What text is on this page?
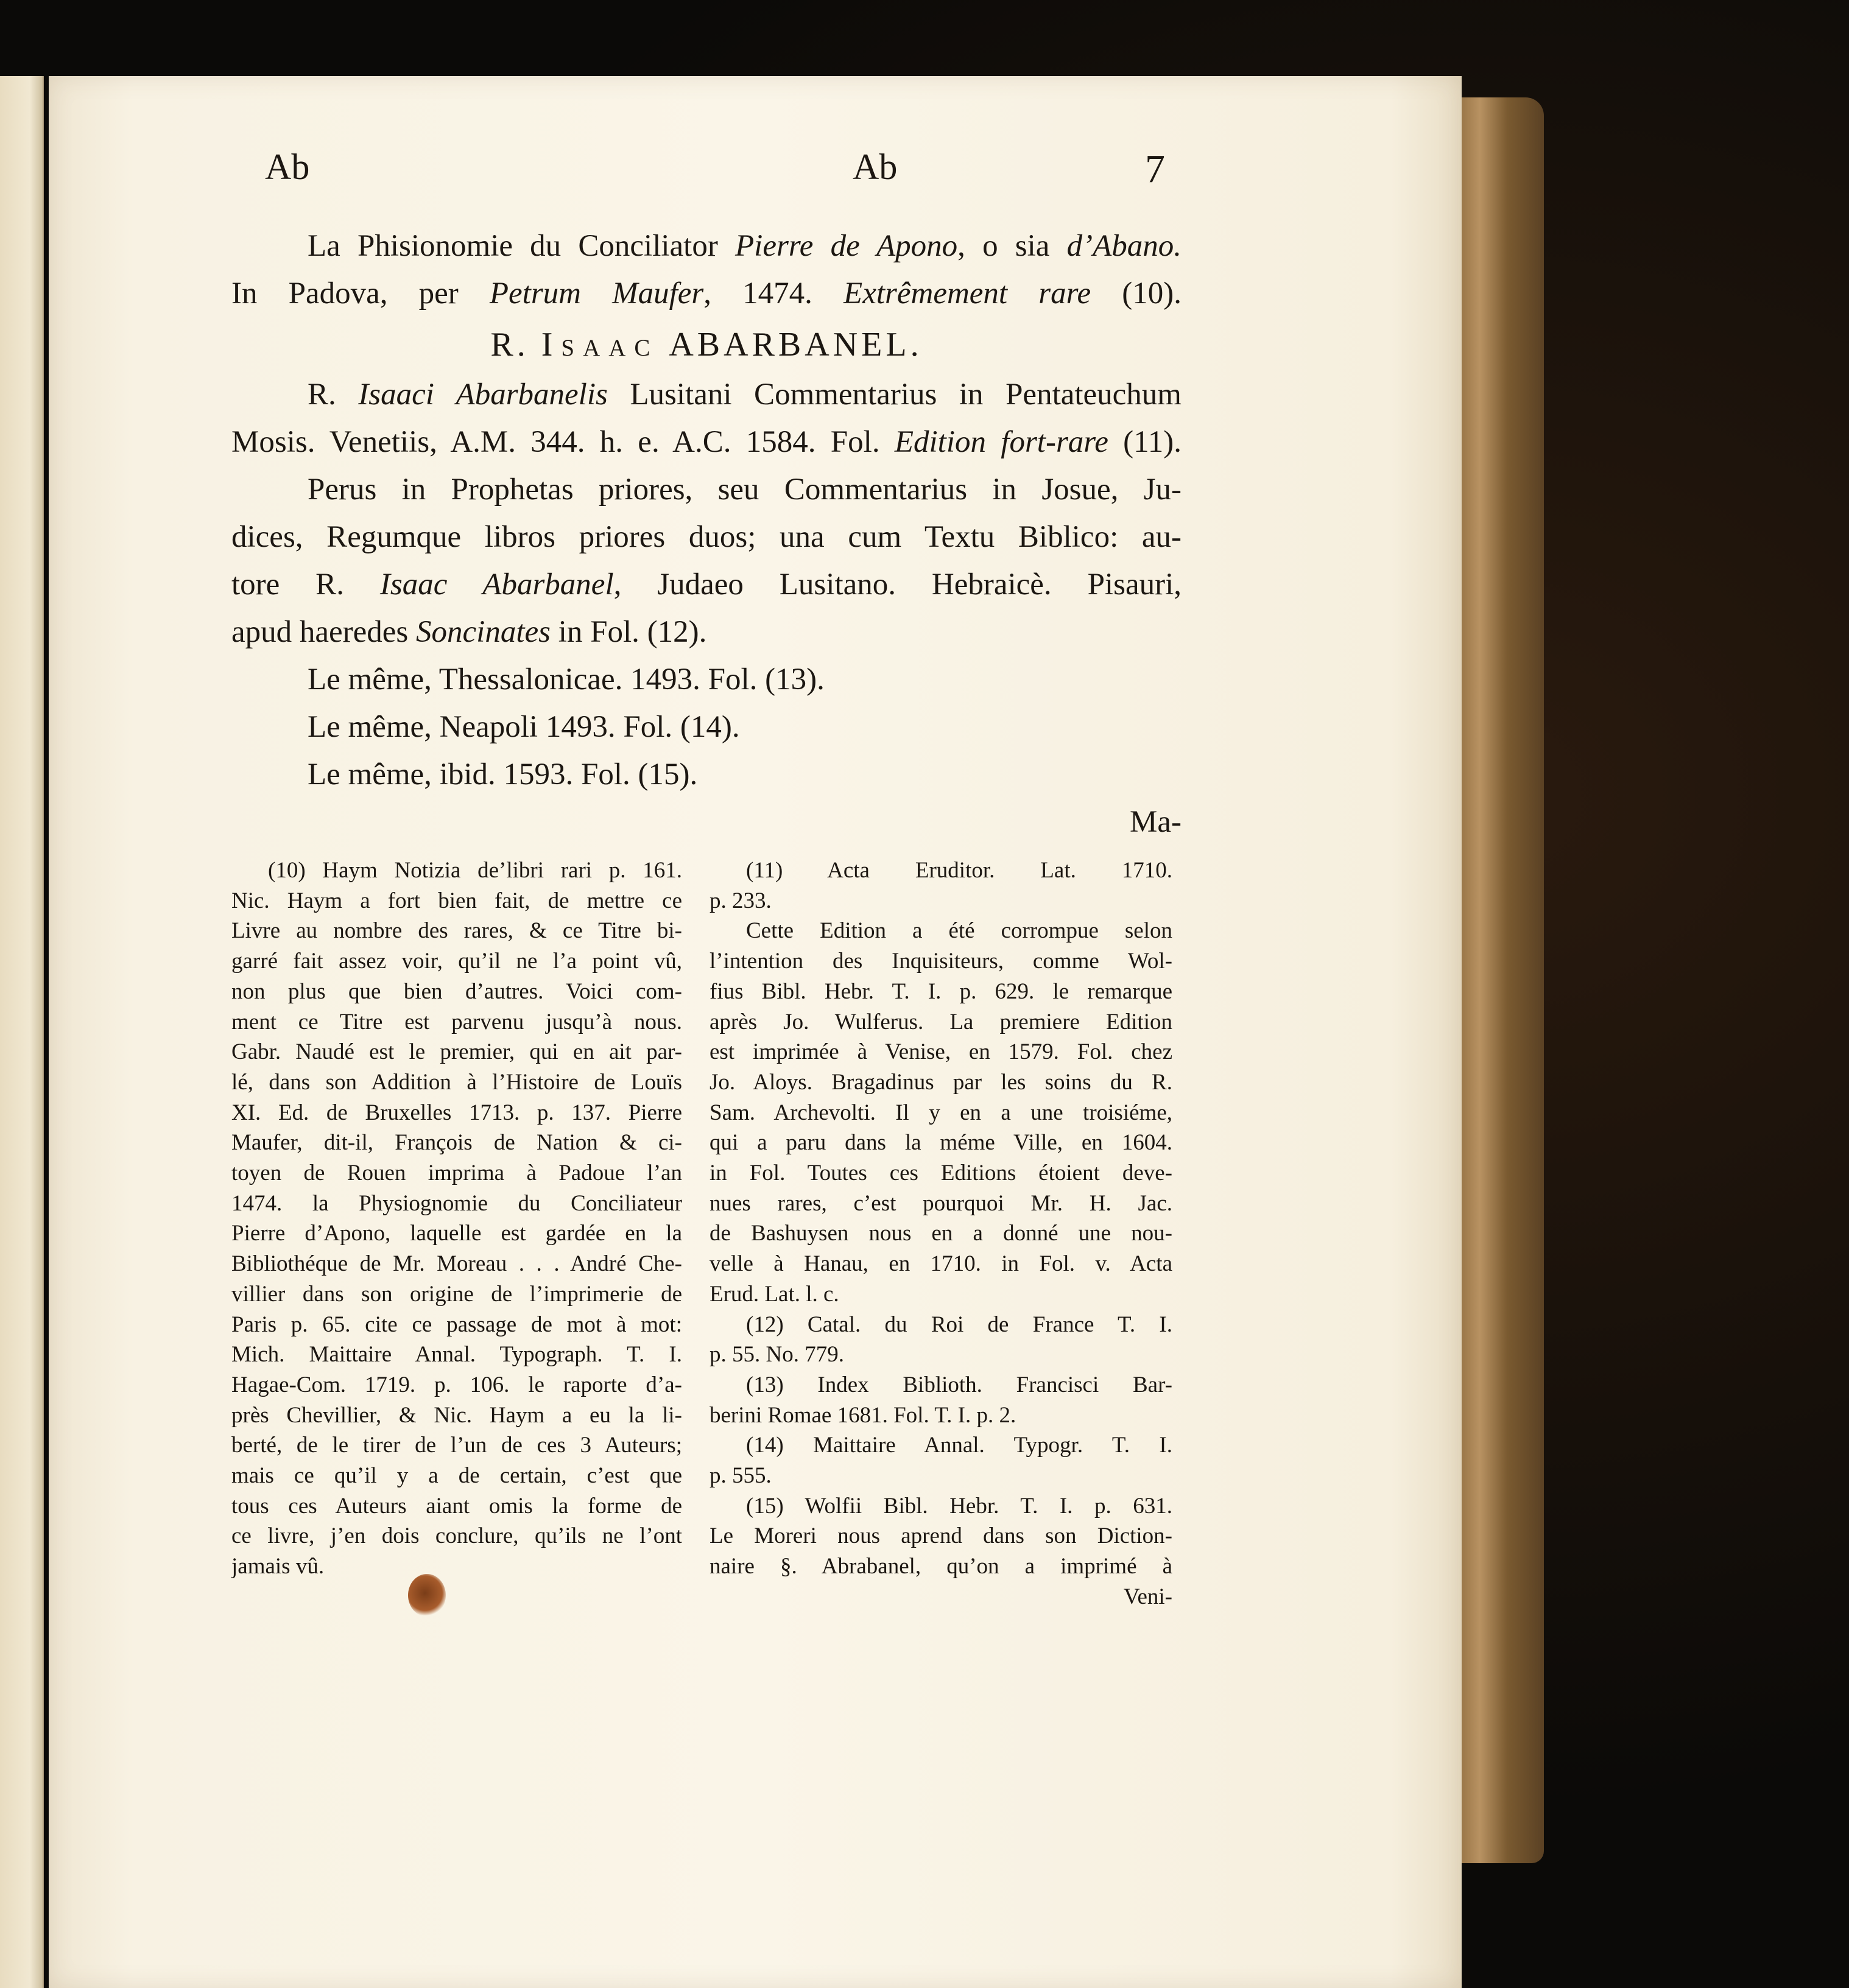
Ab	Ab	7
La Phisionomie du Conciliator Pierre de Apono, o sia d’Abano.
In Padova, per Petrum Maufer, 1474. Extrêmement rare (10).
R. Isaac ABARBANEL.
R. Isaaci Abarbanelis Lusitani Commentarius in Pentateuchum
Mosis. Venetiis, A.M. 344. h. e. A.C. 1584. Fol. Edition fort-rare (11).
Perus in Prophetas priores, seu Commentarius in Josue, Ju-
dices, Regumque libros priores duos; una cum Textu Biblico: au-
tore R. Isaac Abarbanel, Judaeo Lusitano. Hebraicè. Pisauri,
apud haeredes Soncinates in Fol. (12).
Le même, Thessalonicae. 1493. Fol. (13).
Le même, Neapoli 1493. Fol. (14).
Le même, ibid. 1593. Fol. (15).
Ma-
(10) Haym Notizia de’libri rari p. 161.
Nic. Haym a fort bien fait, de mettre ce
Livre au nombre des rares, & ce Titre bi-
garré fait assez voir, qu’il ne l’a point vû,
non plus que bien d’autres. Voici com-
ment ce Titre est parvenu jusqu’à nous.
Gabr. Naudé est le premier, qui en ait par-
lé, dans son Addition à l’Histoire de Louïs
XI. Ed. de Bruxelles 1713. p. 137. Pierre
Maufer, dit-il, François de Nation & ci-
toyen de Rouen imprima à Padoue l’an
1474. la Physiognomie du Conciliateur
Pierre d’Apono, laquelle est gardée en la
Bibliothéque de Mr. Moreau . . . André Che-
villier dans son origine de l’imprimerie de
Paris p. 65. cite ce passage de mot à mot:
Mich. Maittaire Annal. Typograph. T. I.
Hagae-Com. 1719. p. 106. le raporte d’a-
près Chevillier, & Nic. Haym a eu la li-
berté, de le tirer de l’un de ces 3 Auteurs;
mais ce qu’il y a de certain, c’est que
tous ces Auteurs aiant omis la forme de
ce livre, j’en dois conclure, qu’ils ne l’ont
jamais vû.
(11) Acta Eruditor. Lat. 1710.
p. 233.
Cette Edition a été corrompue selon
l’intention des Inquisiteurs, comme Wol-
fius Bibl. Hebr. T. I. p. 629. le remarque
après Jo. Wulferus. La premiere Edition
est imprimée à Venise, en 1579. Fol. chez
Jo. Aloys. Bragadinus par les soins du R.
Sam. Archevolti. Il y en a une troisiéme,
qui a paru dans la méme Ville, en 1604.
in Fol. Toutes ces Editions étoient deve-
nues rares, c’est pourquoi Mr. H. Jac.
de Bashuysen nous en a donné une nou-
velle à Hanau, en 1710. in Fol. v. Acta
Erud. Lat. l. c.
(12) Catal. du Roi de France T. I.
p. 55. No. 779.
(13) Index Biblioth. Francisci Bar-
berini Romae 1681. Fol. T. I. p. 2.
(14) Maittaire Annal. Typogr. T. I.
p. 555.
(15) Wolfii Bibl. Hebr. T. I. p. 631.
Le Moreri nous aprend dans son Diction-
naire §. Abrabanel, qu’on a imprimé à
Veni-
